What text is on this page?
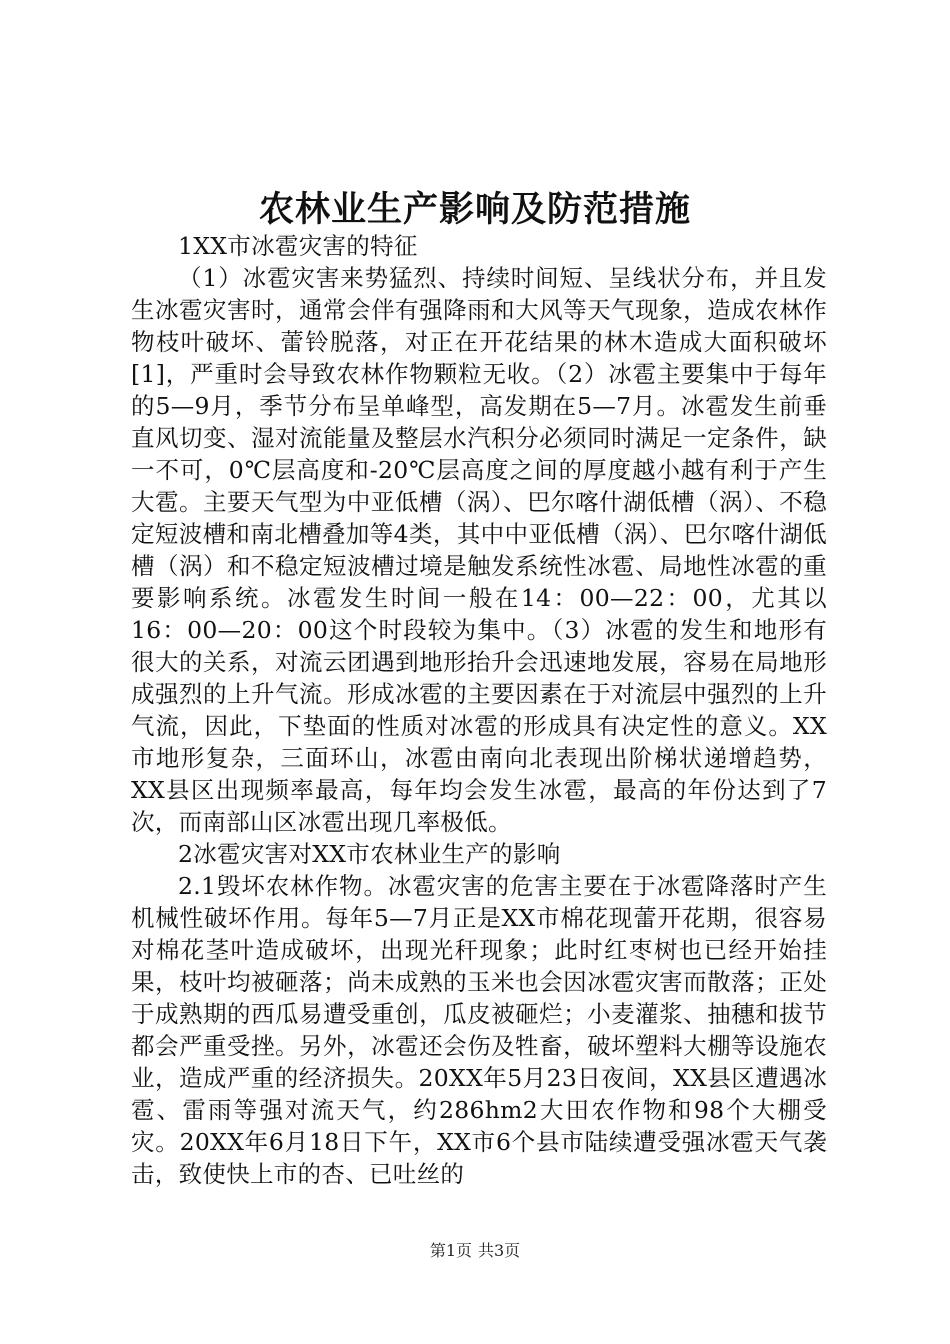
农林业生产影响及防范措施

1XX市冰雹灾害的特征

（1）冰雹灾害来势猛烈、持续时间短、呈线状分布，并且发生冰雹灾害时，通常会伴有强降雨和大风等天气现象，造成农林作物枝叶破坏、蕾铃脱落，对正在开花结果的林木造成大面积破坏[1]，严重时会导致农林作物颗粒无收。（2）冰雹主要集中于每年的5—9月，季节分布呈单峰型，高发期在5—7月。冰雹发生前垂直风切变、湿对流能量及整层水汽积分必须同时满足一定条件，缺一不可，0℃层高度和-20℃层高度之间的厚度越小越有利于产生大雹。主要天气型为中亚低槽（涡）、巴尔喀什湖低槽（涡）、不稳定短波槽和南北槽叠加等4类，其中中亚低槽（涡）、巴尔喀什湖低槽（涡）和不稳定短波槽过境是触发系统性冰雹、局地性冰雹的重要影响系统。冰雹发生时间一般在14：00—22：00，尤其以16：00—20：00这个时段较为集中。（3）冰雹的发生和地形有很大的关系，对流云团遇到地形抬升会迅速地发展，容易在局地形成强烈的上升气流。形成冰雹的主要因素在于对流层中强烈的上升气流，因此，下垫面的性质对冰雹的形成具有决定性的意义。XX市地形复杂，三面环山，冰雹由南向北表现出阶梯状递增趋势，XX县区出现频率最高，每年均会发生冰雹，最高的年份达到了7次，而南部山区冰雹出现几率极低。

2冰雹灾害对XX市农林业生产的影响

2.1毁坏农林作物。冰雹灾害的危害主要在于冰雹降落时产生机械性破坏作用。每年5—7月正是XX市棉花现蕾开花期，很容易对棉花茎叶造成破坏，出现光秆现象；此时红枣树也已经开始挂果，枝叶均被砸落；尚未成熟的玉米也会因冰雹灾害而散落；正处于成熟期的西瓜易遭受重创，瓜皮被砸烂；小麦灌浆、抽穗和拔节都会严重受挫。另外，冰雹还会伤及牲畜，破坏塑料大棚等设施农业，造成严重的经济损失。20XX年5月23日夜间，XX县区遭遇冰雹、雷雨等强对流天气，约286hm2大田农作物和98个大棚受灾。20XX年6月18日下午，XX市6个县市陆续遭受强冰雹天气袭击，致使快上市的杏、已吐丝的

第1页 共3页
